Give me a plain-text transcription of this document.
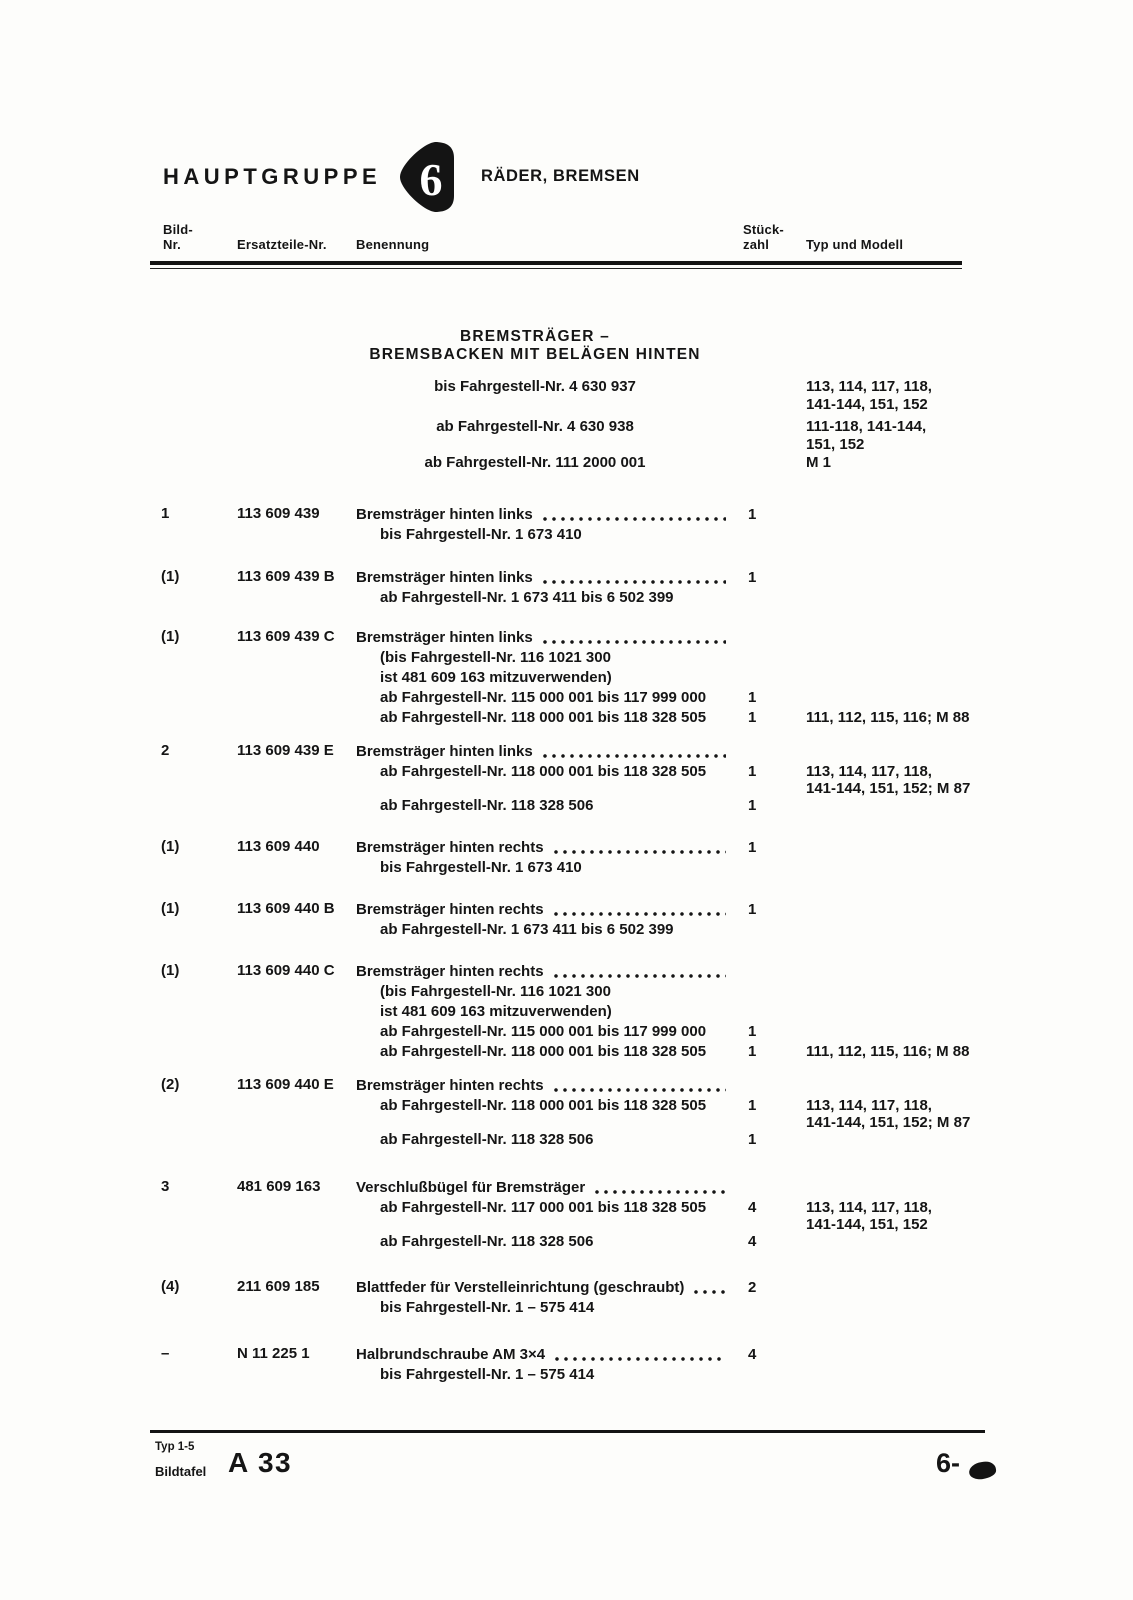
HAUPTGRUPPE 6 RÄDER, BREMSEN
Bild-
Nr.	Ersatzteile-Nr. Benennung
Stück-
zahl	Typ und Modell
BREMSTRÄGER –
BREMSBACKEN MIT BELÄGEN HINTEN
bis Fahrgestell-Nr. 4 630 937	113, 114, 117, 118,
141-144, 151, 152
ab Fahrgestell-Nr. 4 630 938	111-118, 141-144,
151, 152
ab Fahrgestell-Nr. 111 2000 001	M 1
1	113 609 439	Bremsträger hinten links	1
bis Fahrgestell-Nr. 1 673 410
(1)	113 609 439 B	Bremsträger hinten links	1
ab Fahrgestell-Nr. 1 673 411 bis 6 502 399
(1)	113 609 439 C	Bremsträger hinten links
(bis Fahrgestell-Nr. 116 1021 300
ist 481 609 163 mitzuverwenden)
ab Fahrgestell-Nr. 115 000 001 bis 117 999 000	1
ab Fahrgestell-Nr. 118 000 001 bis 118 328 505	1	111, 112, 115, 116; M 88
2	113 609 439 E	Bremsträger hinten links
ab Fahrgestell-Nr. 118 000 001 bis 118 328 505	1	113, 114, 117, 118,
141-144, 151, 152; M 87
ab Fahrgestell-Nr. 118 328 506	1
(1)	113 609 440	Bremsträger hinten rechts	1
bis Fahrgestell-Nr. 1 673 410
(1)	113 609 440 B	Bremsträger hinten rechts	1
ab Fahrgestell-Nr. 1 673 411 bis 6 502 399
(1)	113 609 440 C	Bremsträger hinten rechts
(bis Fahrgestell-Nr. 116 1021 300
ist 481 609 163 mitzuverwenden)
ab Fahrgestell-Nr. 115 000 001 bis 117 999 000	1
ab Fahrgestell-Nr. 118 000 001 bis 118 328 505	1	111, 112, 115, 116; M 88
(2)	113 609 440 E	Bremsträger hinten rechts
ab Fahrgestell-Nr. 118 000 001 bis 118 328 505	1	113, 114, 117, 118,
141-144, 151, 152; M 87
ab Fahrgestell-Nr. 118 328 506	1
3	481 609 163	Verschlußbügel für Bremsträger
ab Fahrgestell-Nr. 117 000 001 bis 118 328 505	4	113, 114, 117, 118,
141-144, 151, 152
ab Fahrgestell-Nr. 118 328 506	4
(4)	211 609 185	Blattfeder für Verstelleinrichtung (geschraubt)	2
bis Fahrgestell-Nr. 1 – 575 414
–	N 11 225 1	Halbrundschraube AM 3×4	4
bis Fahrgestell-Nr. 1 – 575 414
Typ 1-5
Bildtafel A 33	6-
